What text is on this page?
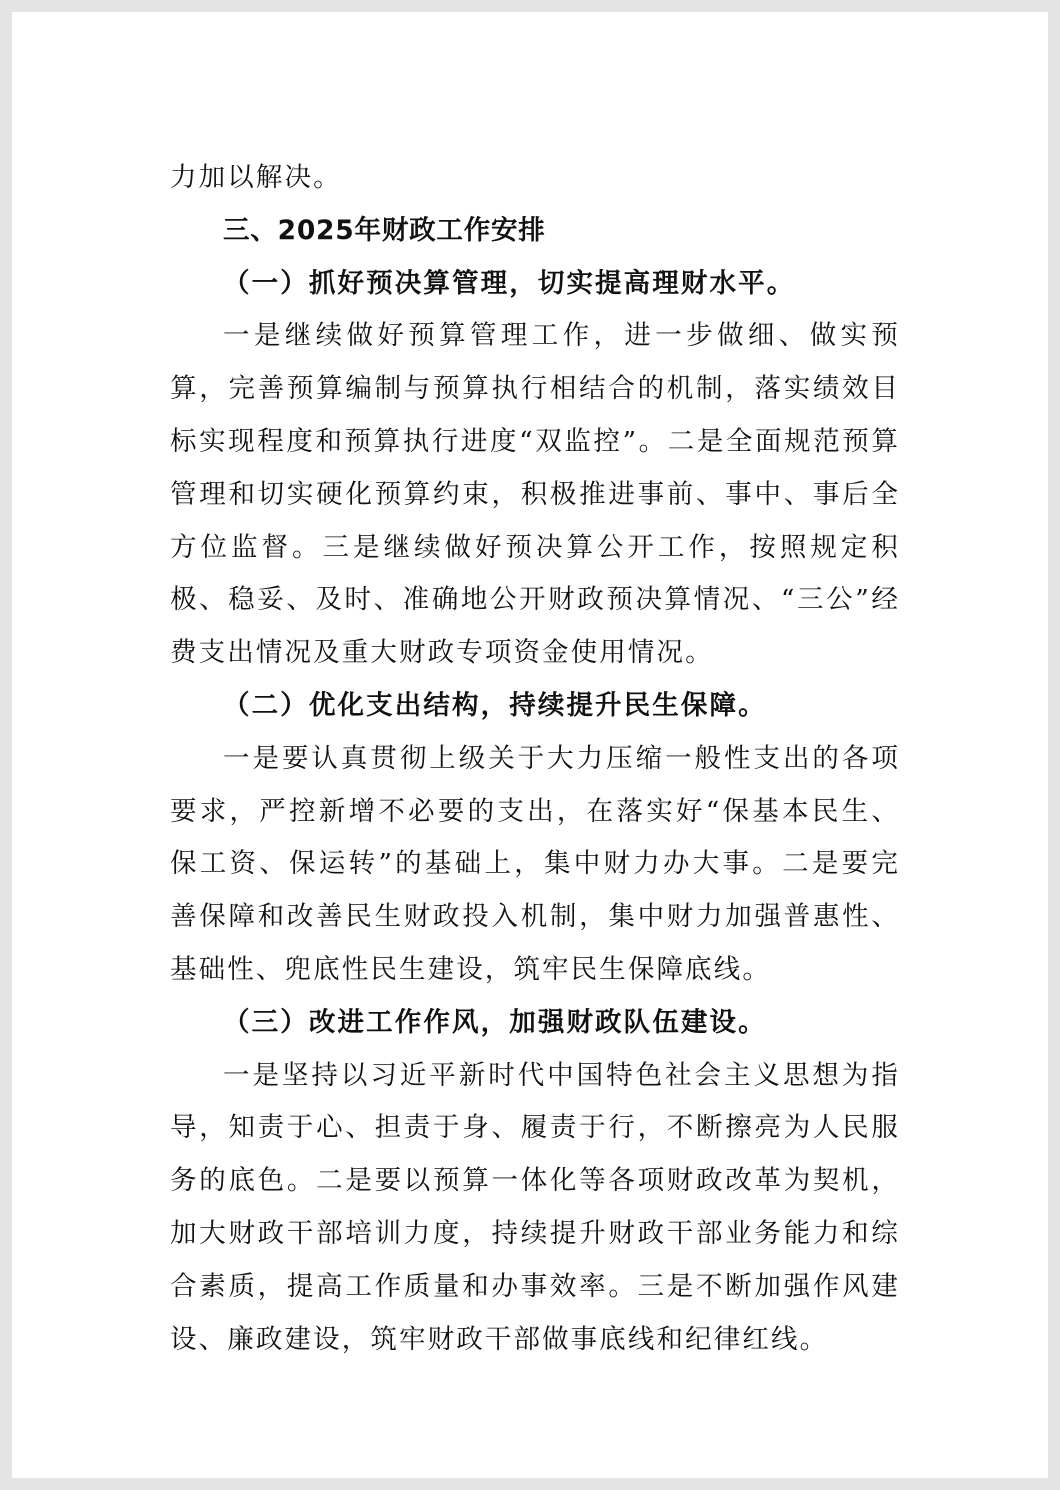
力加以解决。

三、2025年财政工作安排

（一）抓好预决算管理，切实提高理财水平。

一是继续做好预算管理工作，进一步做细、做实预算，完善预算编制与预算执行相结合的机制，落实绩效目标实现程度和预算执行进度“双监控”。二是全面规范预算管理和切实硬化预算约束，积极推进事前、事中、事后全方位监督。三是继续做好预决算公开工作，按照规定积极、稳妥、及时、准确地公开财政预决算情况、“三公”经费支出情况及重大财政专项资金使用情况。

（二）优化支出结构，持续提升民生保障。

一是要认真贯彻上级关于大力压缩一般性支出的各项要求，严控新增不必要的支出，在落实好“保基本民生、保工资、保运转”的基础上，集中财力办大事。二是要完善保障和改善民生财政投入机制，集中财力加强普惠性、基础性、兜底性民生建设，筑牢民生保障底线。

（三）改进工作作风，加强财政队伍建设。

一是坚持以习近平新时代中国特色社会主义思想为指导，知责于心、担责于身、履责于行，不断擦亮为人民服务的底色。二是要以预算一体化等各项财政改革为契机，加大财政干部培训力度，持续提升财政干部业务能力和综合素质，提高工作质量和办事效率。三是不断加强作风建设、廉政建设，筑牢财政干部做事底线和纪律红线。
